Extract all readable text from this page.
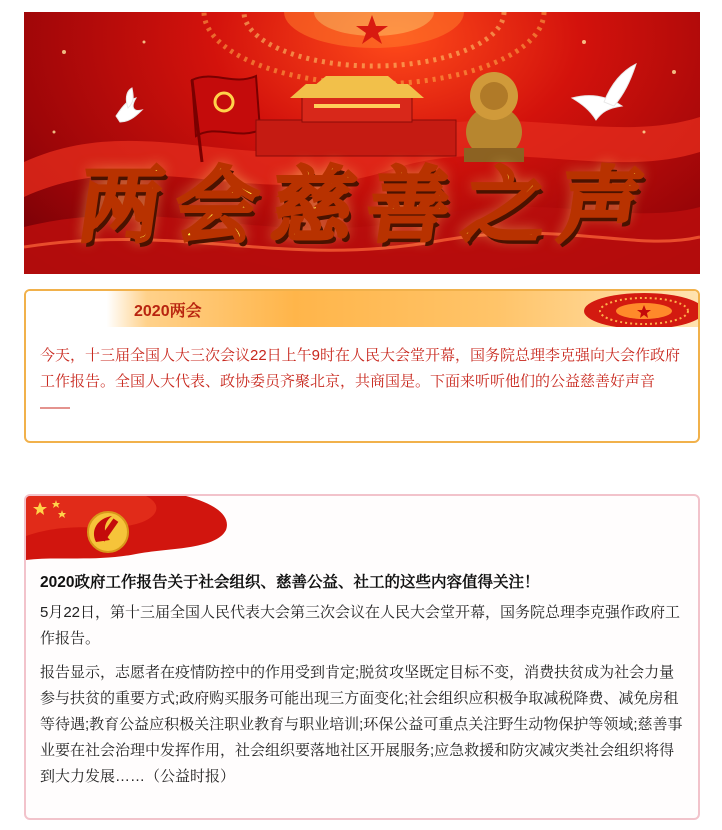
两会慈善之声
2020两会
今天，十三届全国人大三次会议22日上午9时在人民大会堂开幕，国务院总理李克强向大会作政府工作报告。全国人大代表、政协委员齐聚北京，共商国是。下面来听听他们的公益慈善好声音——
2020政府工作报告关于社会组织、慈善公益、社工的这些内容值得关注！
5月22日，第十三届全国人民代表大会第三次会议在人民大会堂开幕，国务院总理李克强作政府工作报告。
报告显示，志愿者在疫情防控中的作用受到肯定;脱贫攻坚既定目标不变，消费扶贫成为社会力量参与扶贫的重要方式;政府购买服务可能出现三方面变化;社会组织应积极争取减税降费、减免房租等待遇;教育公益应积极关注职业教育与职业培训;环保公益可重点关注野生动物保护等领域;慈善事业要在社会治理中发挥作用，社会组织要落地社区开展服务;应急救援和防灾减灾类社会组织将得到大力发展……（公益时报）
